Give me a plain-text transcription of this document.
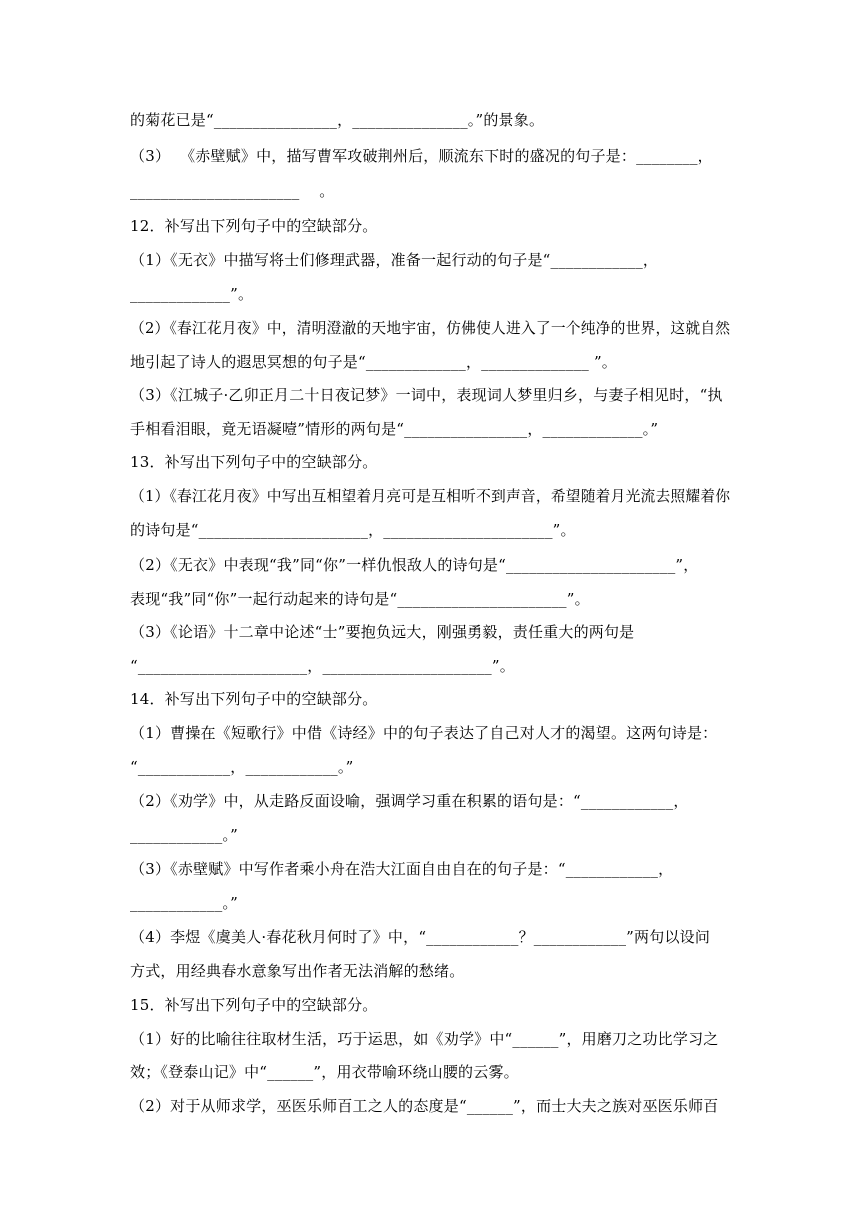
的菊花已是“________________，_______________。”的景象。
（3）  《赤壁赋》中，描写曹军攻破荆州后，顺流东下时的盛况的句子是：________，
______________________    。
12．补写出下列句子中的空缺部分。
（1）《无衣》中描写将士们修理武器，准备一起行动的句子是“____________，
_____________”。
（2）《春江花月夜》中，清明澄澈的天地宇宙，仿佛使人进入了一个纯净的世界，这就自然
地引起了诗人的遐思冥想的句子是“_____________，______________ ”。
（3）《江城子·乙卯正月二十日夜记梦》一词中，表现词人梦里归乡，与妻子相见时，“执
手相看泪眼，竟无语凝噎”情形的两句是“________________，_____________。”
13．补写出下列句子中的空缺部分。
（1）《春江花月夜》中写出互相望着月亮可是互相听不到声音，希望随着月光流去照耀着你
的诗句是“______________________，______________________”。
（2）《无衣》中表现“我”同“你”一样仇恨敌人的诗句是“______________________”，
表现“我”同“你”一起行动起来的诗句是“______________________”。
（3）《论语》十二章中论述“士”要抱负远大，刚强勇毅，责任重大的两句是
“______________________，______________________”。
14．补写出下列句子中的空缺部分。
（1）曹操在《短歌行》中借《诗经》中的句子表达了自己对人才的渴望。这两句诗是：
“____________，____________。”
（2）《劝学》中，从走路反面设喻，强调学习重在积累的语句是：“____________，
____________。”
（3）《赤壁赋》中写作者乘小舟在浩大江面自由自在的句子是：“____________，
____________。”
（4）李煜《虞美人·春花秋月何时了》中，“____________？____________”两句以设问
方式，用经典春水意象写出作者无法消解的愁绪。
15．补写出下列句子中的空缺部分。
（1）好的比喻往往取材生活，巧于运思，如《劝学》中“______”，用磨刀之功比学习之
效；《登泰山记》中“______”，用衣带喻环绕山腰的云雾。
（2）对于从师求学，巫医乐师百工之人的态度是“______”，而士大夫之族对巫医乐师百
